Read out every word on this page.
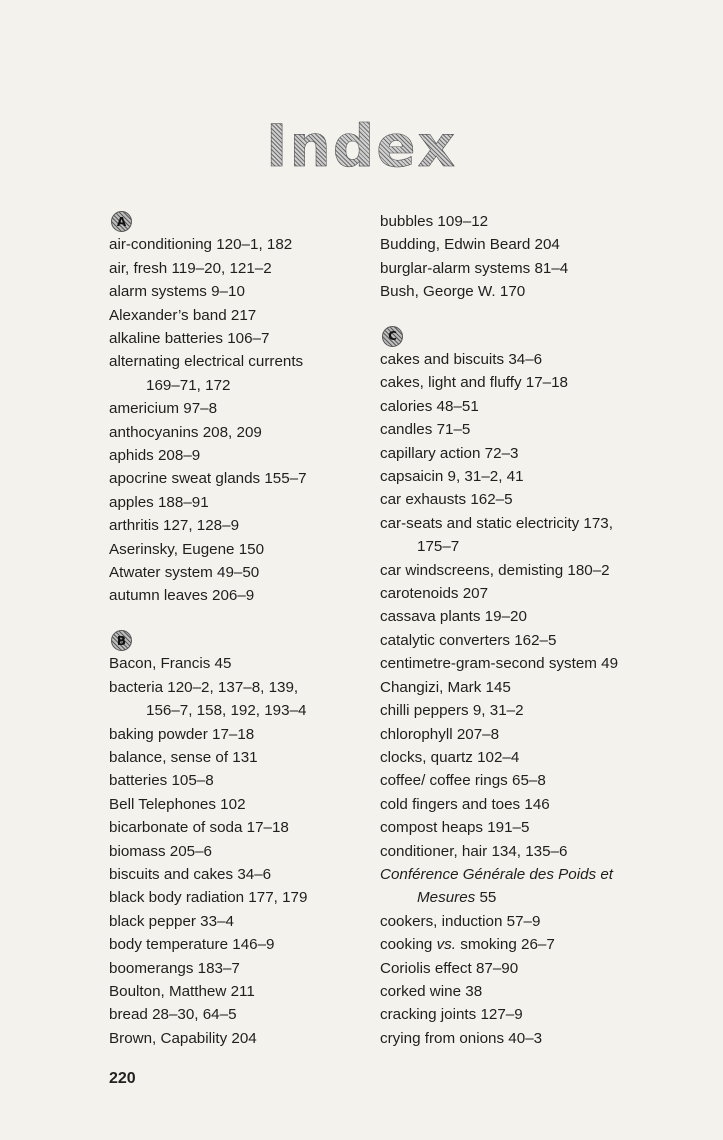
Index
A
air-conditioning 120–1, 182
air, fresh 119–20, 121–2
alarm systems 9–10
Alexander’s band 217
alkaline batteries 106–7
alternating electrical currents
169–71, 172
americium 97–8
anthocyanins 208, 209
aphids 208–9
apocrine sweat glands 155–7
apples 188–91
arthritis 127, 128–9
Aserinsky, Eugene 150
Atwater system 49–50
autumn leaves 206–9
B
Bacon, Francis 45
bacteria 120–2, 137–8, 139,
156–7, 158, 192, 193–4
baking powder 17–18
balance, sense of 131
batteries 105–8
Bell Telephones 102
bicarbonate of soda 17–18
biomass 205–6
biscuits and cakes 34–6
black body radiation 177, 179
black pepper 33–4
body temperature 146–9
boomerangs 183–7
Boulton, Matthew 211
bread 28–30, 64–5
Brown, Capability 204
bubbles 109–12
Budding, Edwin Beard 204
burglar-alarm systems 81–4
Bush, George W. 170
C
cakes and biscuits 34–6
cakes, light and fluffy 17–18
calories 48–51
candles 71–5
capillary action 72–3
capsaicin 9, 31–2, 41
car exhausts 162–5
car-seats and static electricity 173,
175–7
car windscreens, demisting 180–2
carotenoids 207
cassava plants 19–20
catalytic converters 162–5
centimetre-gram-second system 49
Changizi, Mark 145
chilli peppers 9, 31–2
chlorophyll 207–8
clocks, quartz 102–4
coffee/ coffee rings 65–8
cold fingers and toes 146
compost heaps 191–5
conditioner, hair 134, 135–6
Conférence Générale des Poids et
Mesures 55
cookers, induction 57–9
cooking vs. smoking 26–7
Coriolis effect 87–90
corked wine 38
cracking joints 127–9
crying from onions 40–3
220
